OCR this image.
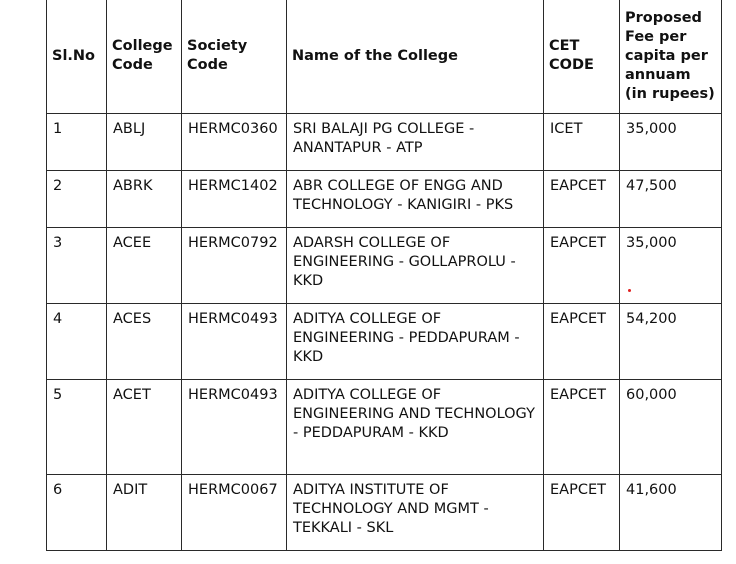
Sl.No	College Code	Society Code	Name of the College	CET CODE	Proposed Fee per capita per annuam (in rupees)
1	ABLJ	HERMC0360	SRI BALAJI PG COLLEGE - ANANTAPUR - ATP	ICET	35,000
2	ABRK	HERMC1402	ABR COLLEGE OF ENGG AND TECHNOLOGY - KANIGIRI - PKS	EAPCET	47,500
3	ACEE	HERMC0792	ADARSH COLLEGE OF ENGINEERING - GOLLAPROLU - KKD	EAPCET	35,000
4	ACES	HERMC0493	ADITYA COLLEGE OF ENGINEERING - PEDDAPURAM - KKD	EAPCET	54,200
5	ACET	HERMC0493	ADITYA COLLEGE OF ENGINEERING AND TECHNOLOGY - PEDDAPURAM - KKD	EAPCET	60,000
6	ADIT	HERMC0067	ADITYA INSTITUTE OF TECHNOLOGY AND MGMT - TEKKALI - SKL	EAPCET	41,600
